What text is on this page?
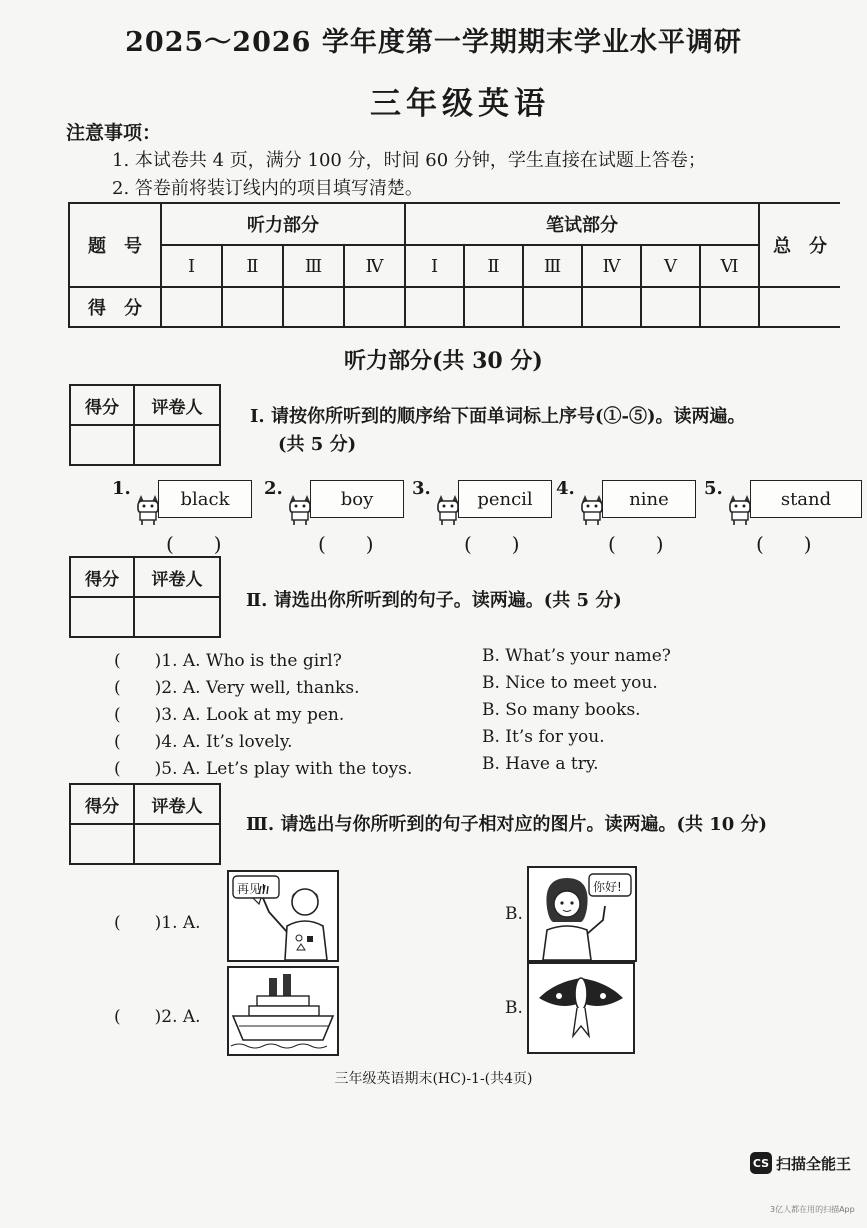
2025～2026 学年度第一学期期末学业水平调研
三年级英语
注意事项：
1. 本试卷共 4 页，满分 100 分，时间 60 分钟，学生直接在试题上答卷；
2. 答卷前将装订线内的项目填写清楚。
题　号	听力部分				笔试部分						总　分
	Ⅰ	Ⅱ	Ⅲ	Ⅳ	Ⅰ	Ⅱ	Ⅲ	Ⅳ	Ⅴ	Ⅵ	
得　分											
听力部分(共 30 分)
得分	评卷人
		Ⅰ. 请按你所听到的顺序给下面单词标上序号(①-⑤)。读两遍。
(共 5 分)
1.	black
(　　)
2.	boy
(　　)
3.	pencil
(　　)
4.	nine
(　　)
5.	stand
(　　)
得分	评卷人

Ⅱ. 请选出你所听到的句子。读两遍。(共 5 分)
(　　)1. A. Who is the girl?	B. What’s your name?
(　　)2. A. Very well, thanks.	B. Nice to meet you.
(　　)3. A. Look at my pen.	B. So many books.
(　　)4. A. It’s lovely.	B. It’s for you.
(　　)5. A. Let’s play with the toys.	B. Have a try.
得分	评卷人

Ⅲ. 请选出与你所听到的句子相对应的图片。读两遍。(共 10 分)
(　　)1. A.	B.
(　　)2. A.	B.
再见!	你好!
三年级英语期末(HC)-1-(共4页)
CS 扫描全能王
3亿人都在用的扫描App
